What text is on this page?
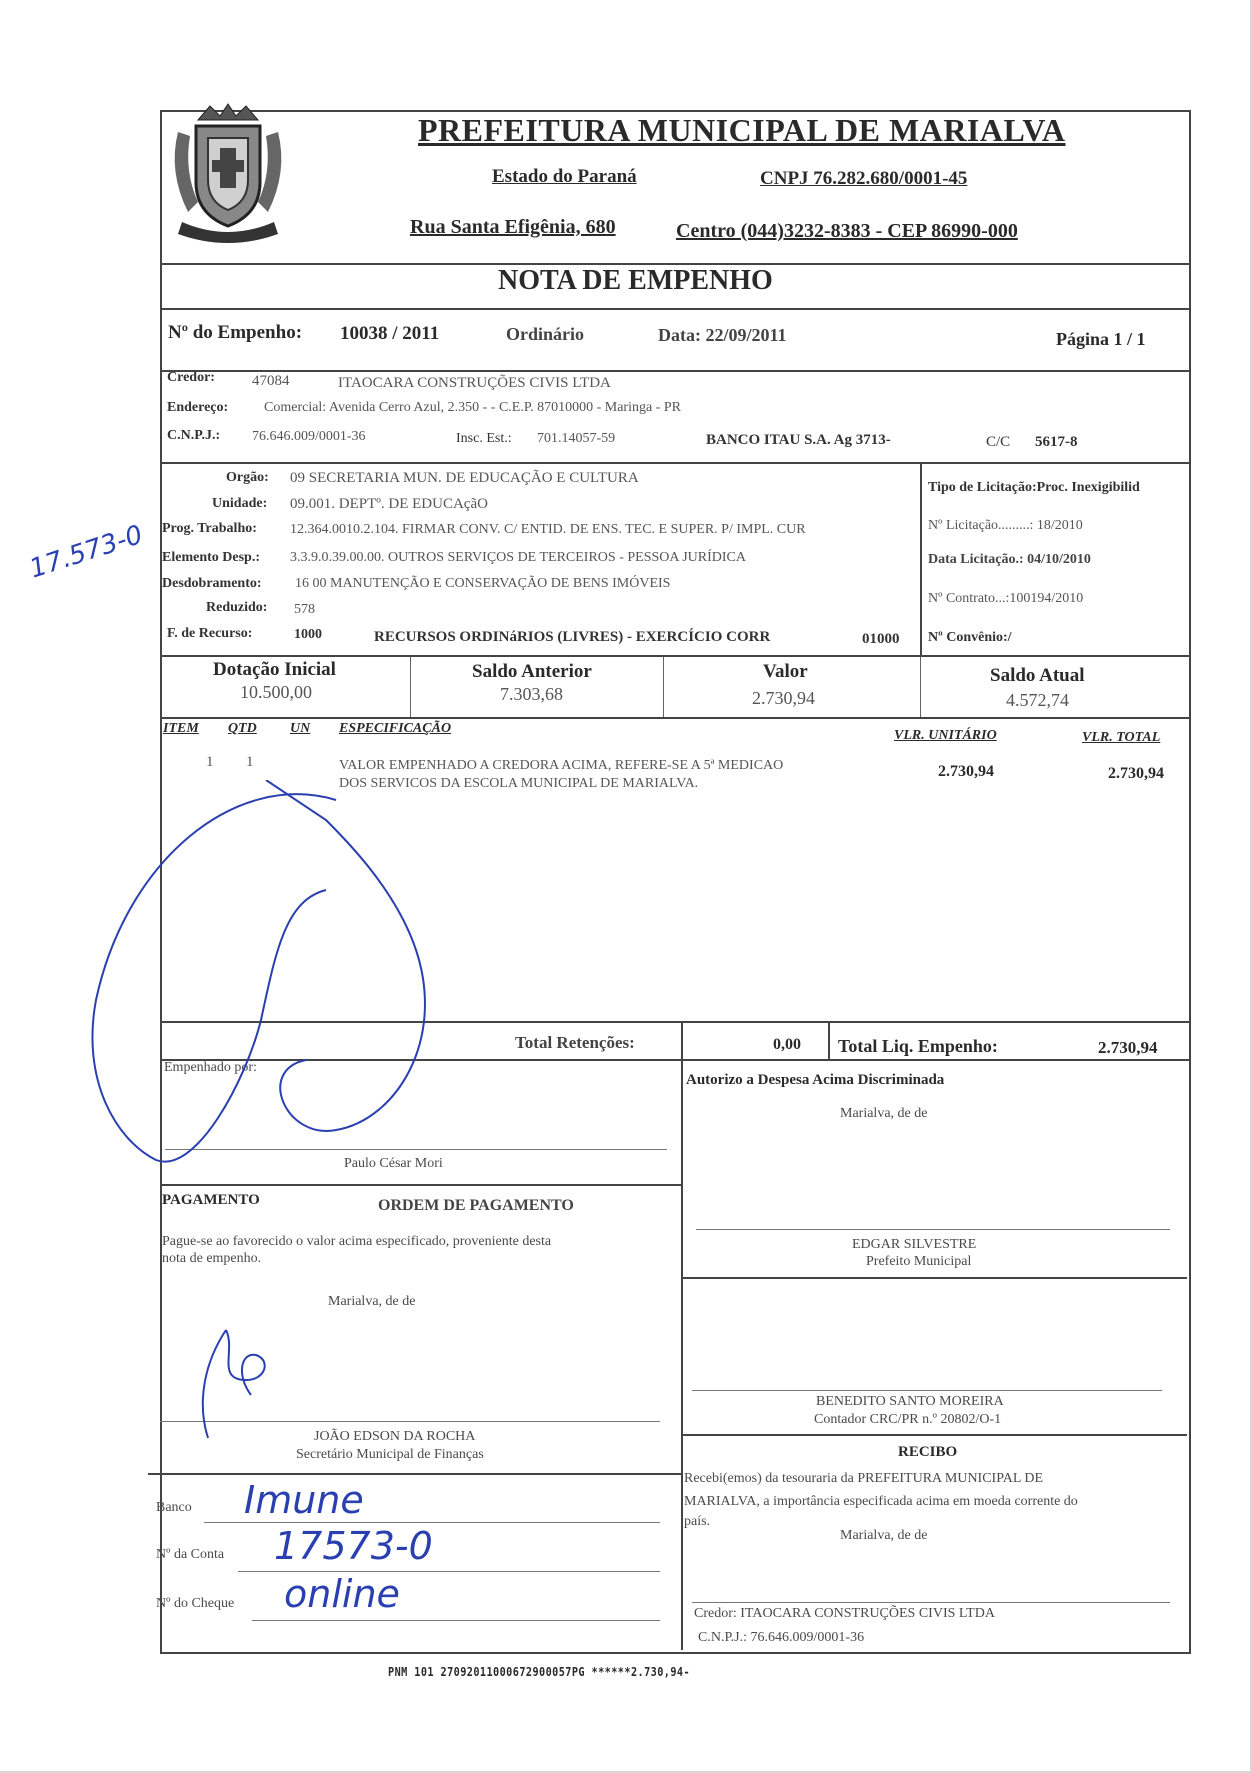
PREFEITURA MUNICIPAL DE MARIALVA
Estado do Paraná	CNPJ 76.282.680/0001-45
Rua Santa Efigênia, 680	Centro (044)3232-8383 - CEP 86990-000
NOTA DE EMPENHO
Nº do Empenho: 10038 / 2011	Ordinário	Data: 22/09/2011	Página 1 / 1
Credor: 47084	ITAOCARA CONSTRUÇÕES CIVIS LTDA
Endereço:	Comercial: Avenida Cerro Azul, 2.350 - - C.E.P. 87010000 - Maringa - PR
C.N.P.J.: 76.646.009/0001-36	Insc. Est.: 701.14057-59	BANCO ITAU S.A. Ag 3713-	C/C 5617-8
Orgão: 09 SECRETARIA MUN. DE EDUCAÇÃO E CULTURA
Unidade: 09.001. DEPTº. DE EDUCAçãO
Prog. Trabalho: 12.364.0010.2.104. FIRMAR CONV. C/ ENTID. DE ENS. TEC. E SUPER. P/ IMPL. CUR
Elemento Desp.: 3.3.9.0.39.00.00. OUTROS SERVIÇOS DE TERCEIROS - PESSOA JURÍDICA
Desdobramento: 16 00 MANUTENÇÃO E CONSERVAÇÃO DE BENS IMÓVEIS
Reduzido: 578
F. de Recurso:	1000	RECURSOS ORDINáRIOS (LIVRES) - EXERCÍCIO CORR	01000
Tipo de Licitação:Proc. Inexigibilid
Nº Licitação.........: 18/2010
Data Licitação.: 04/10/2010
Nº Contrato...:100194/2010
Nº Convênio:/
Dotação Inicial
10.500,00
Saldo Anterior
7.303,68
Valor
2.730,94
Saldo Atual
4.572,74
ITEM QTD UN ESPECIFICAÇÃO	VLR. UNITÁRIO	VLR. TOTAL
1 1	VALOR EMPENHADO A CREDORA ACIMA, REFERE-SE A 5ª MEDICAO
DOS SERVICOS DA ESCOLA MUNICIPAL DE MARIALVA.
2.730,94	2.730,94
Total Retenções:	0,00 Total Liq. Empenho:	2.730,94
Empenhado por:
Paulo César Mori
Autorizo a Despesa Acima Discriminada
Marialva, de de
EDGAR SILVESTRE
Prefeito Municipal
BENEDITO SANTO MOREIRA
Contador CRC/PR n.º 20802/O-1
PAGAMENTO	ORDEM DE PAGAMENTO
Pague-se ao favorecido o valor acima especificado, proveniente desta
nota de empenho.
Marialva, de de
JOÃO EDSON DA ROCHA
Secretário Municipal de Finanças	RECIBO
Recebi(emos) da tesouraria da PREFEITURA MUNICIPAL DE
MARIALVA, a importância especificada acima em moeda corrente do
país.
Marialva, de de
Credor: ITAOCARA CONSTRUÇÕES CIVIS LTDA
C.N.P.J.: 76.646.009/0001-36
Banco Imune
Nº da Conta 17573-0
Nº do Cheque online
17.573-0
PNM 101 27092011000672900057PG ******2.730,94-
